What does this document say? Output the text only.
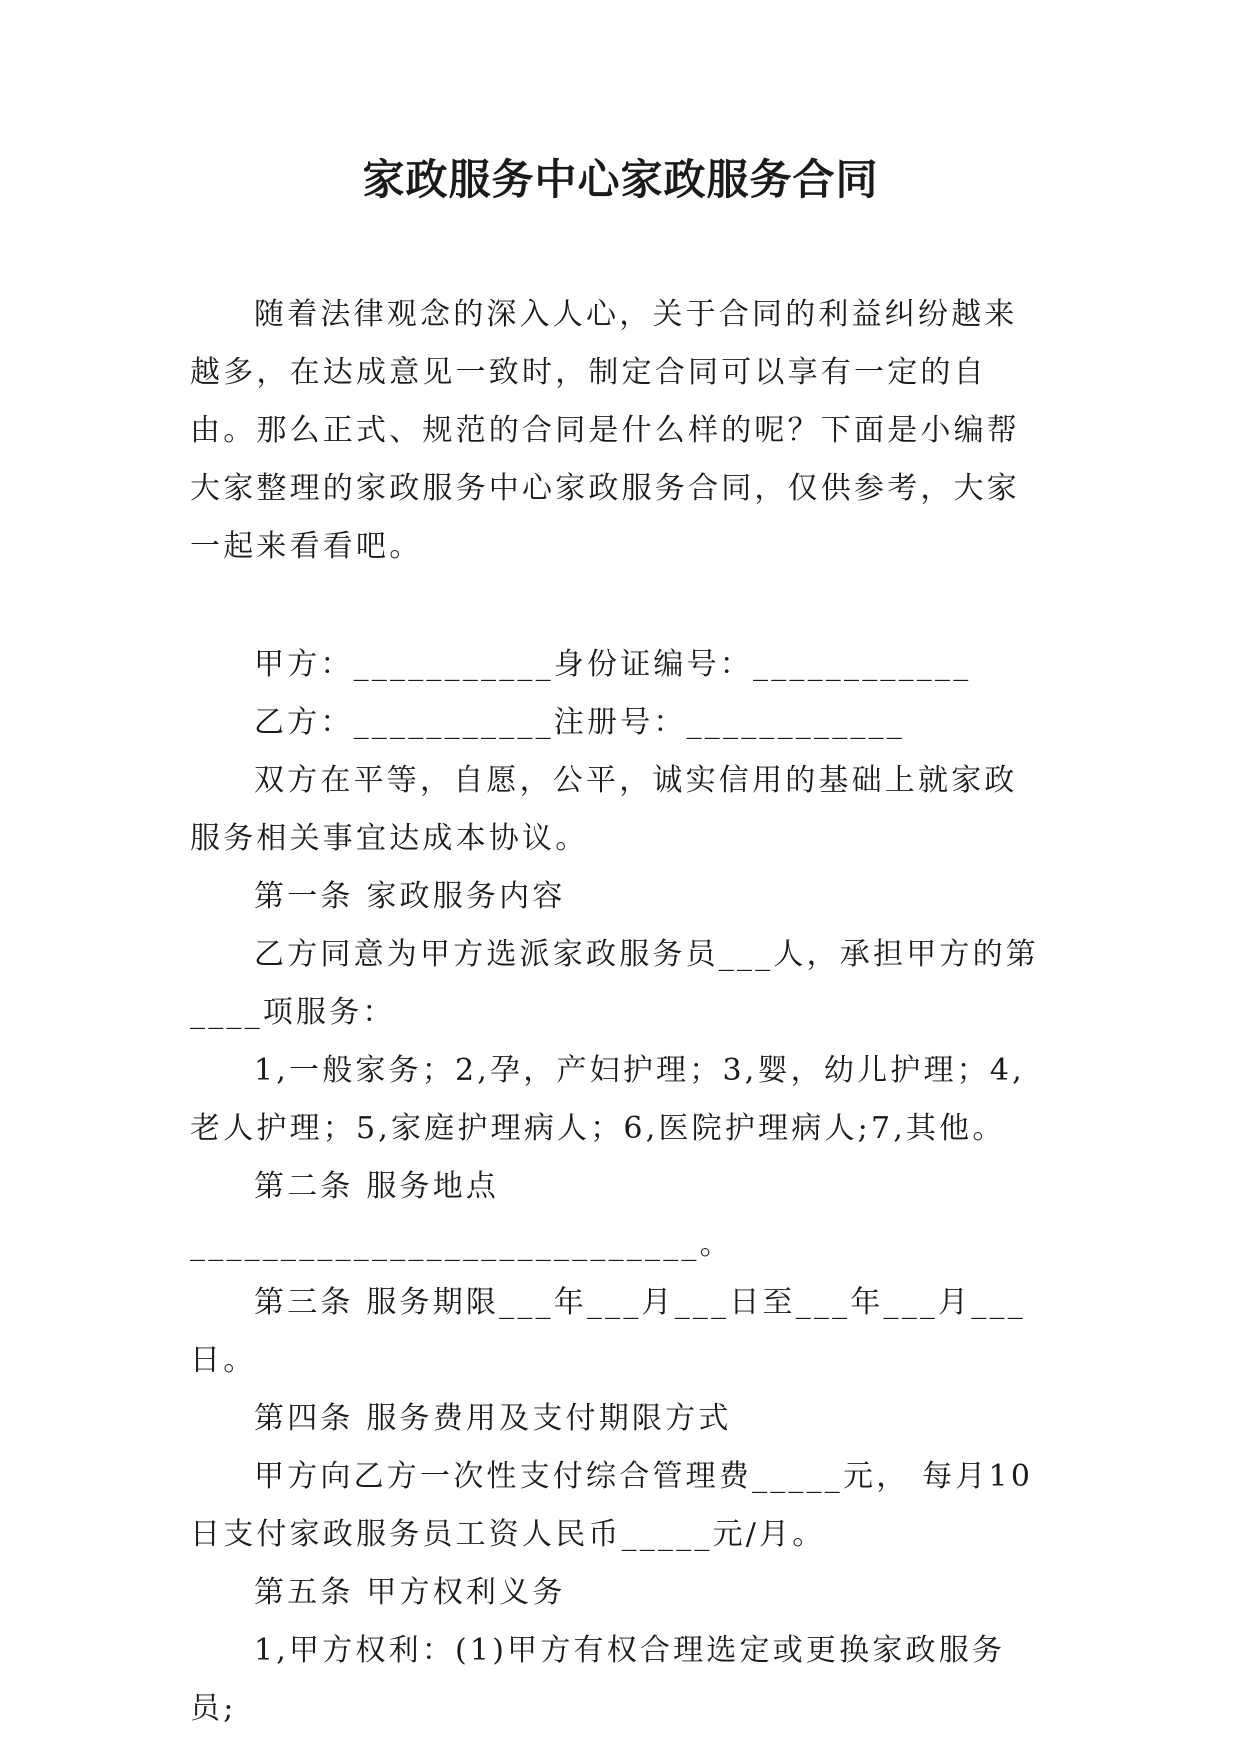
家政服务中心家政服务合同

随着法律观念的深入人心，关于合同的利益纠纷越来越多，在达成意见一致时，制定合同可以享有一定的自由。那么正式、规范的合同是什么样的呢？下面是小编帮大家整理的家政服务中心家政服务合同，仅供参考，大家一起来看看吧。

甲方：___________身份证编号：____________

乙方：___________注册号：____________

双方在平等，自愿，公平，诚实信用的基础上就家政服务相关事宜达成本协议。

第一条 家政服务内容

乙方同意为甲方选派家政服务员___人，承担甲方的第____项服务：

1,一般家务；2,孕，产妇护理；3,婴，幼儿护理；4,老人护理；5,家庭护理病人；6,医院护理病人;7,其他。

第二条 服务地点 ____________________________。

第三条 服务期限___年___月___日至___年___月___日。

第四条 服务费用及支付期限方式

甲方向乙方一次性支付综合管理费_____元， 每月10日支付家政服务员工资人民币_____元/月。

第五条 甲方权利义务

1,甲方权利：(1)甲方有权合理选定或更换家政服务员;
